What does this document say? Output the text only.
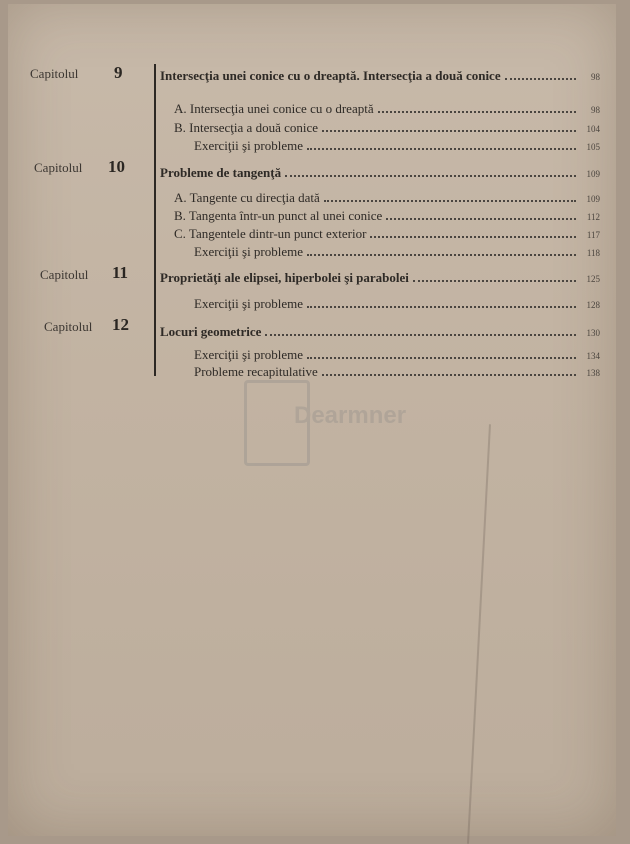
Capitolul 9	Intersecţia unei conice cu o dreaptă. Intersecţia a două conice	98
A. Intersecţia unei conice cu o dreaptă	98
B. Intersecţia a două conice	104
Exerciţii şi probleme	105
Capitolul 10	Probleme de tangenţă	109
A. Tangente cu direcţia dată	109
B. Tangenta într-un punct al unei conice	112
C. Tangentele dintr-un punct exterior	117
Exerciţii şi probleme	118
Capitolul 11 Proprietăţi ale elipsei, hiperbolei şi parabolei	125
Exerciţii şi probleme	128
Capitolul 12 Locuri geometrice	130
Exerciţii şi probleme	134
Probleme recapitulative	138
Dearmner
